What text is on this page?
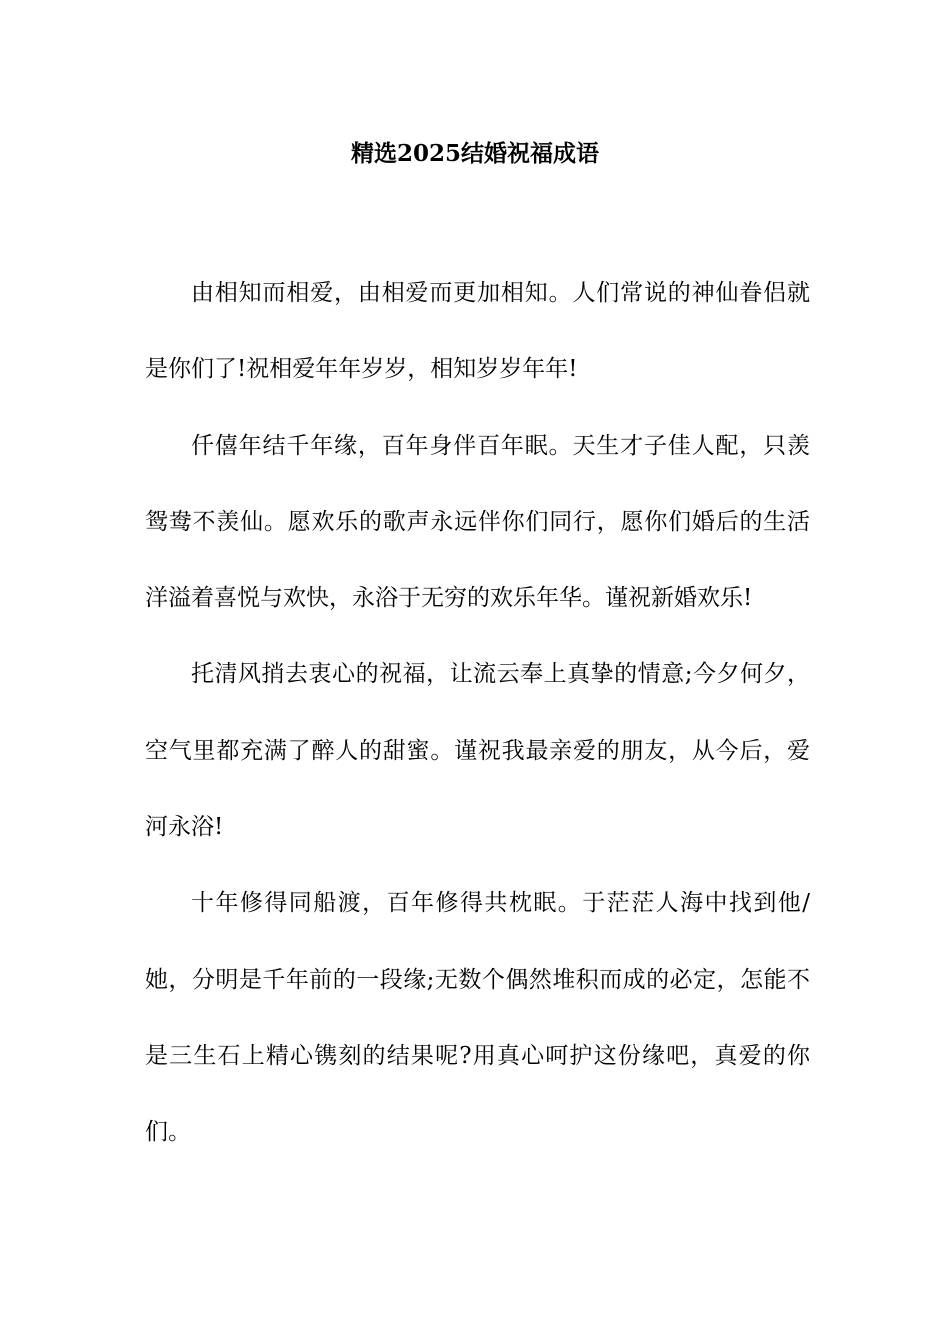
精选2025结婚祝福成语

由相知而相爱，由相爱而更加相知。人们常说的神仙眷侣就是你们了!祝相爱年年岁岁，相知岁岁年年!

仟僖年结千年缘，百年身伴百年眠。天生才子佳人配，只羡鸳鸯不羡仙。愿欢乐的歌声永远伴你们同行，愿你们婚后的生活洋溢着喜悦与欢快，永浴于无穷的欢乐年华。谨祝新婚欢乐!

托清风捎去衷心的祝福，让流云奉上真挚的情意;今夕何夕，空气里都充满了醉人的甜蜜。谨祝我最亲爱的朋友，从今后，爱河永浴!

十年修得同船渡，百年修得共枕眠。于茫茫人海中找到他/她，分明是千年前的一段缘;无数个偶然堆积而成的必定，怎能不是三生石上精心镌刻的结果呢?用真心呵护这份缘吧，真爱的你们。
